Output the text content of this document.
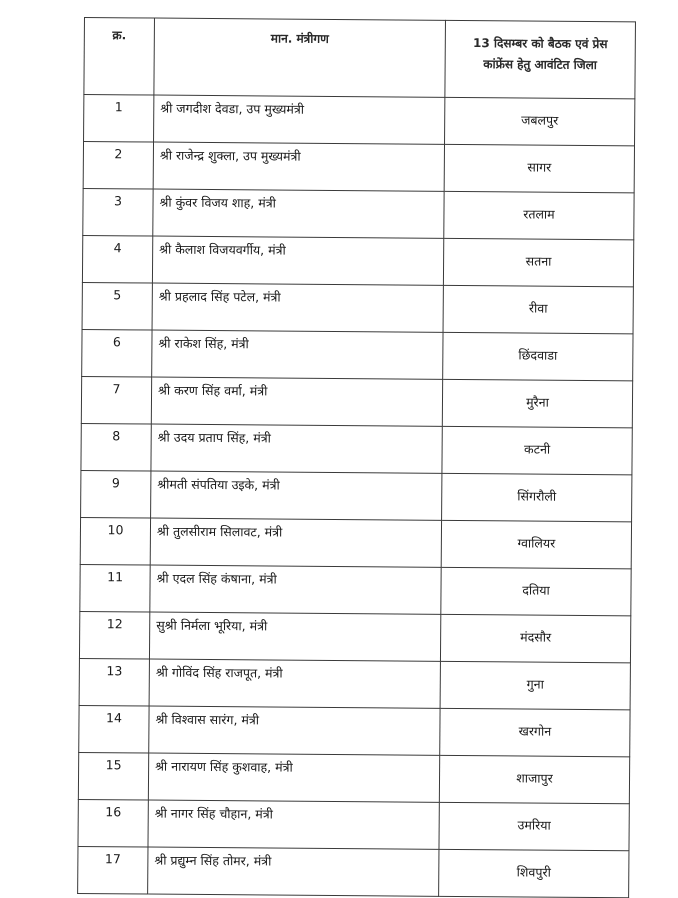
क्र.	मान. मंत्रीगण	13 दिसम्बर को बैठक एवं प्रेस
कांफ्रेंस हेतु आवंटित जिला

1	श्री जगदीश देवडा, उप मुख्यमंत्री	जबलपुर
2	श्री राजेन्द्र शुक्ला, उप मुख्यमंत्री	सागर
3	श्री कुंवर विजय शाह, मंत्री	रतलाम
4	श्री कैलाश विजयवर्गीय, मंत्री	सतना
5	श्री प्रहलाद सिंह पटेल, मंत्री	रीवा
6	श्री राकेश सिंह, मंत्री	छिंदवाडा
7	श्री करण सिंह वर्मा, मंत्री	मुरैना
8	श्री उदय प्रताप सिंह, मंत्री	कटनी
9	श्रीमती संपतिया उइके, मंत्री	सिंगरौली
10	श्री तुलसीराम सिलावट, मंत्री	ग्वालियर
11	श्री एदल सिंह कंषाना, मंत्री	दतिया
12	सुश्री निर्मला भूरिया, मंत्री	मंदसौर
13	श्री गोविंद सिंह राजपूत, मंत्री	गुना
14	श्री विश्वास सारंग, मंत्री	खरगोन
15	श्री नारायण सिंह कुशवाह, मंत्री	शाजापुर
16	श्री नागर सिंह चौहान, मंत्री	उमरिया
17	श्री प्रद्युम्न सिंह तोमर, मंत्री	शिवपुरी
